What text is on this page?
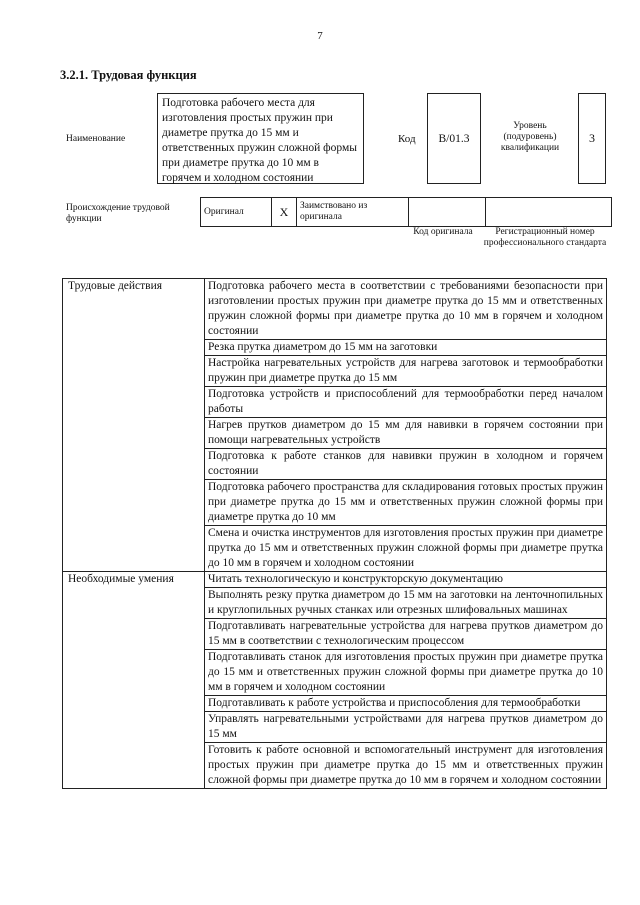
7
3.2.1. Трудовая функция
Наименование
Подготовка рабочего места для изготовления простых пружин при диаметре прутка до 15 мм и ответственных пружин сложной формы при диаметре прутка до 10 мм в горячем и холодном состоянии
Код	B/01.3
Уровень (подуровень) квалификации
3
Происхождение трудовой функции
Оригинал	X	Заимствовано из оригинала		
Код оригинала	Регистрационный номер профессионального стандарта
Трудовые действия	Подготовка рабочего места в соответствии с требованиями безопасности при изготовлении простых пружин при диаметре прутка до 15 мм и ответственных пружин сложной формы при диаметре прутка до 10 мм в горячем и холодном состоянии
	Резка прутка диаметром до 15 мм на заготовки
	Настройка нагревательных устройств для нагрева заготовок и термообработки пружин при диаметре прутка до 15 мм
	Подготовка устройств и приспособлений для термообработки перед началом работы
	Нагрев прутков диаметром до 15 мм для навивки в горячем состоянии при помощи нагревательных устройств
	Подготовка к работе станков для навивки пружин в холодном и горячем состоянии
	Подготовка рабочего пространства для складирования готовых простых пружин при диаметре прутка до 15 мм и ответственных пружин сложной формы при диаметре прутка до 10 мм
	Смена и очистка инструментов для изготовления простых пружин при диаметре прутка до 15 мм и ответственных пружин сложной формы при диаметре прутка до 10 мм в горячем и холодном состоянии
Необходимые умения	Читать технологическую и конструкторскую документацию
	Выполнять резку прутка диаметром до 15 мм на заготовки на ленточнопильных и круглопильных ручных станках или отрезных шлифовальных машинах
	Подготавливать нагревательные устройства для нагрева прутков диаметром до 15 мм в соответствии с технологическим процессом
	Подготавливать станок для изготовления простых пружин при диаметре прутка до 15 мм и ответственных пружин сложной формы при диаметре прутка до 10 мм в горячем и холодном состоянии
	Подготавливать к работе устройства и приспособления для термообработки
	Управлять нагревательными устройствами для нагрева прутков диаметром до 15 мм
	Готовить к работе основной и вспомогательный инструмент для изготовления простых пружин при диаметре прутка до 15 мм и ответственных пружин сложной формы при диаметре прутка до 10 мм в горячем и холодном состоянии
